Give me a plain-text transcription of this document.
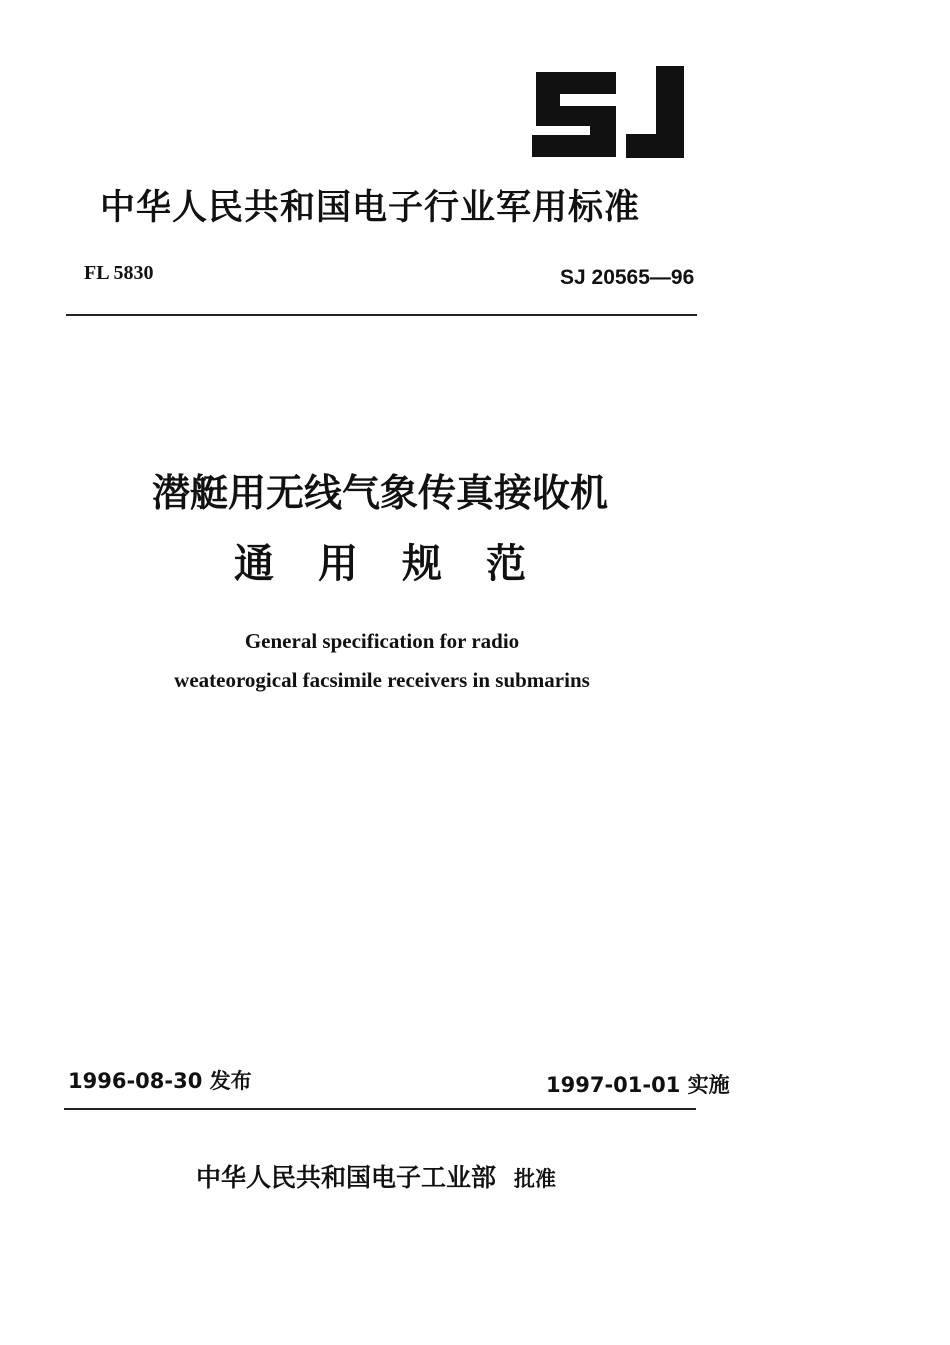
中华人民共和国电子行业军用标准
FL 5830	SJ 20565—96
潜艇用无线气象传真接收机
通用规范
General specification for radio
weateorogical facsimile receivers in submarins
1996-08-30 发布	1997-01-01 实施
中华人民共和国电子工业部 批准
